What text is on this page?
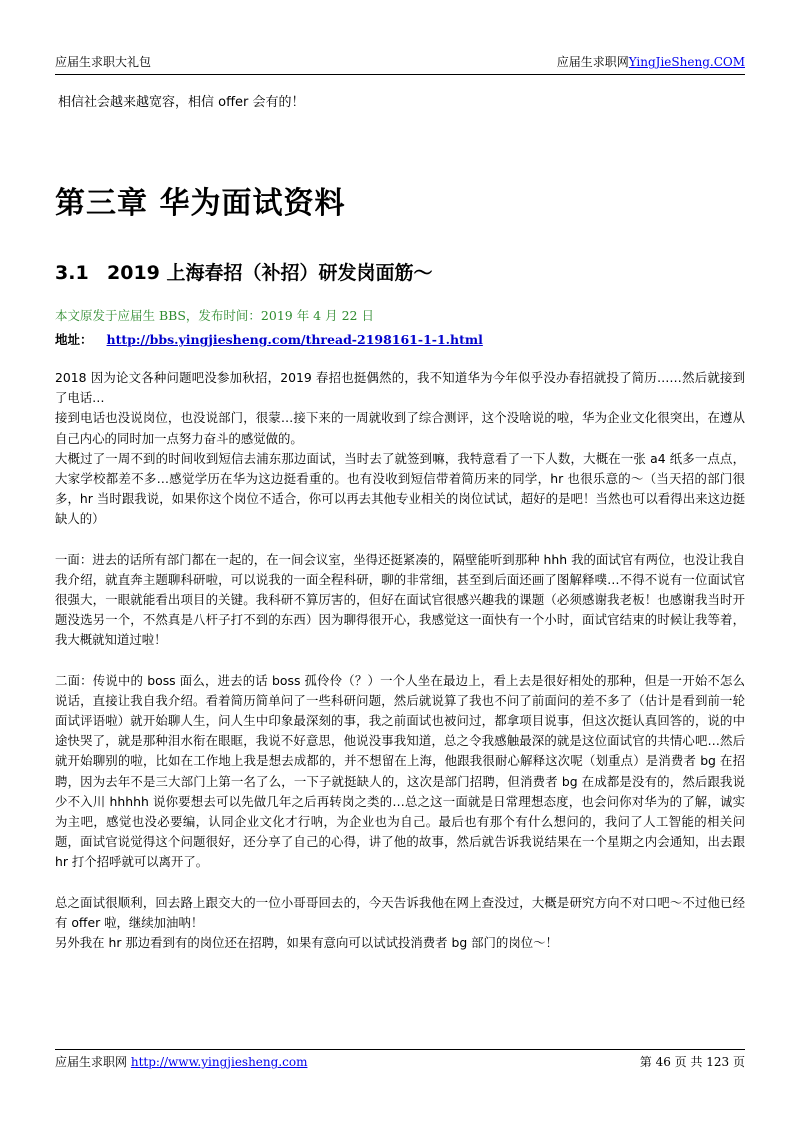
应届生求职大礼包	应届生求职网YingJieSheng.COM
相信社会越来越宽容，相信 offer 会有的！
第三章 华为面试资料
3.1 2019 上海春招（补招）研发岗面筋～
本文原发于应届生 BBS，发布时间：2019 年 4 月 22 日
地址： http://bbs.yingjiesheng.com/thread-2198161-1-1.html

2018 因为论文各种问题吧没参加秋招，2019 春招也挺偶然的，我不知道华为今年似乎没办春招就投了简历……然后就接到了电话…

接到电话也没说岗位，也没说部门，很蒙…接下来的一周就收到了综合测评，这个没啥说的啦，华为企业文化很突出，在遵从自己内心的同时加一点努力奋斗的感觉做的。

大概过了一周不到的时间收到短信去浦东那边面试，当时去了就签到嘛，我特意看了一下人数，大概在一张 a4 纸多一点点，大家学校都差不多…感觉学历在华为这边挺看重的。也有没收到短信带着简历来的同学，hr 也很乐意的～（当天招的部门很多，hr 当时跟我说，如果你这个岗位不适合，你可以再去其他专业相关的岗位试试，超好的是吧！当然也可以看得出来这边挺缺人的）

一面：进去的话所有部门都在一起的，在一间会议室，坐得还挺紧凑的，隔壁能听到那种 hhh 我的面试官有两位，也没让我自我介绍，就直奔主题聊科研啦，可以说我的一面全程科研，聊的非常细，甚至到后面还画了图解释噗…不得不说有一位面试官很强大，一眼就能看出项目的关键。我科研不算厉害的，但好在面试官很感兴趣我的课题（必须感谢我老板！也感谢我当时开题没选另一个，不然真是八杆子打不到的东西）因为聊得很开心，我感觉这一面快有一个小时，面试官结束的时候让我等着，我大概就知道过啦！

二面：传说中的 boss 面么，进去的话 boss 孤伶伶（？）一个人坐在最边上，看上去是很好相处的那种，但是一开始不怎么说话，直接让我自我介绍。看着简历简单问了一些科研问题，然后就说算了我也不问了前面问的差不多了（估计是看到前一轮面试评语啦）就开始聊人生，问人生中印象最深刻的事，我之前面试也被问过，都拿项目说事，但这次挺认真回答的，说的中途快哭了，就是那种泪水衔在眼眶，我说不好意思，他说没事我知道，总之令我感触最深的就是这位面试官的共情心吧…然后就开始聊别的啦，比如在工作地上我是想去成都的，并不想留在上海，他跟我很耐心解释这次呢（划重点）是消费者 bg 在招聘，因为去年不是三大部门上第一名了么，一下子就挺缺人的，这次是部门招聘，但消费者 bg 在成都是没有的，然后跟我说少不入川 hhhhh 说你要想去可以先做几年之后再转岗之类的…总之这一面就是日常理想态度，也会问你对华为的了解，诚实为主吧，感觉也没必要编，认同企业文化才行呐，为企业也为自己。最后也有那个有什么想问的，我问了人工智能的相关问题，面试官说觉得这个问题很好，还分享了自己的心得，讲了他的故事，然后就告诉我说结果在一个星期之内会通知，出去跟 hr 打个招呼就可以离开了。

总之面试很顺利，回去路上跟交大的一位小哥哥回去的，今天告诉我他在网上查没过，大概是研究方向不对口吧～不过他已经有 offer 啦，继续加油呐！

另外我在 hr 那边看到有的岗位还在招聘，如果有意向可以试试投消费者 bg 部门的岗位～！

应届生求职网 http://www.yingjiesheng.com	第 46 页 共 123 页
